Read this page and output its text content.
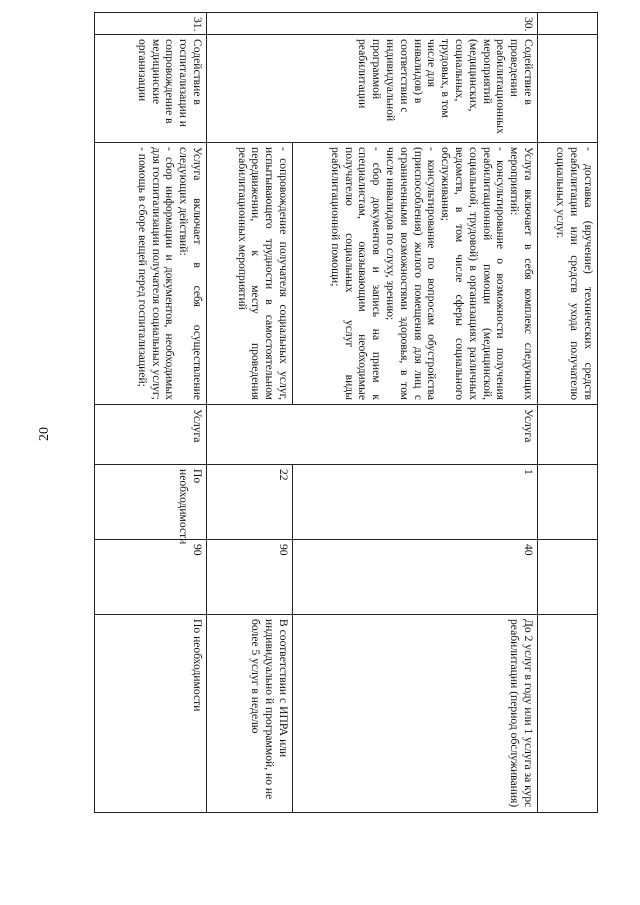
20

		- доставка (вручение) технических средств реабилитации или средств ухода получателю социальных услуг.				

30.	Содействие в проведении реабилитационных мероприятий (медицинских, социальных, трудовых, в том числе для инвалидов) в соответствии с индивидуальной программой реабилитации	Услуга включает в себя комплекс следующих мероприятий:
- консультирование о возможности получения реабилитационной помощи (медицинской, социальной, трудовой) в организациях различных ведомств, в том числе сферы социального обслуживания;
- консультирование по вопросам обустройства (приспособления) жилого помещения для лиц с ограниченными возможностями здоровья, в том числе инвалидов по слуху, зрению;
- сбор документов и запись на прием к специалистам, оказывающим необходимые получателю социальных услуг виды реабилитационной помощи;	Услуга	1	40	До 2 услуг в году или 1 услуга за курс реабилитации (период обслуживания)

		- сопровождение получателя социальных услуг, испытывающего трудности в самостоятельном передвижении, к месту проведения реабилитационных мероприятий		22	90	В соответствии с ИПРА или индивидуально й программой, но не более 5 услуг в неделю
31.	Содействие в госпитализации и сопровождение в медицинские организации	Услуга включает в себя осуществление следующих действий:
- сбор информации и документов, необходимых для госпитализации получателя социальных услуг;
- помощь в сборе вещей перед госпитализацией;	Услуга	По необходимости	90	По необходимости
